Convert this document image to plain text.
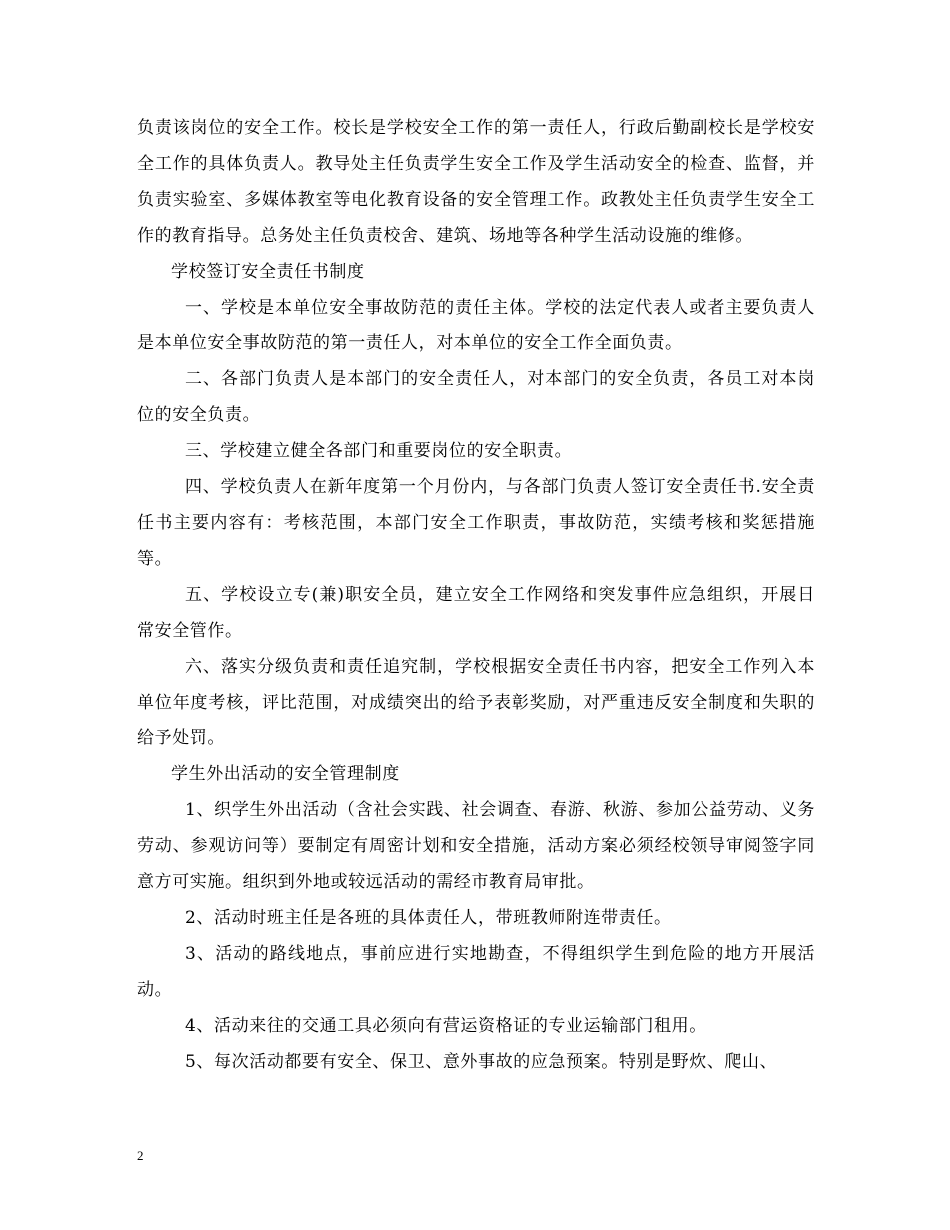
负责该岗位的安全工作。校长是学校安全工作的第一责任人，行政后勤副校长是学校安全工作的具体负责人。教导处主任负责学生安全工作及学生活动安全的检查、监督，并负责实验室、多媒体教室等电化教育设备的安全管理工作。政教处主任负责学生安全工作的教育指导。总务处主任负责校舍、建筑、场地等各种学生活动设施的维修。

学校签订安全责任书制度

一、学校是本单位安全事故防范的责任主体。学校的法定代表人或者主要负责人是本单位安全事故防范的第一责任人，对本单位的安全工作全面负责。

二、各部门负责人是本部门的安全责任人，对本部门的安全负责，各员工对本岗位的安全负责。

三、学校建立健全各部门和重要岗位的安全职责。

四、学校负责人在新年度第一个月份内，与各部门负责人签订安全责任书.安全责任书主要内容有：考核范围，本部门安全工作职责，事故防范，实绩考核和奖惩措施等。

五、学校设立专(兼)职安全员，建立安全工作网络和突发事件应急组织，开展日常安全管作。

六、落实分级负责和责任追究制，学校根据安全责任书内容，把安全工作列入本单位年度考核，评比范围，对成绩突出的给予表彰奖励，对严重违反安全制度和失职的给予处罚。

学生外出活动的安全管理制度

1、织学生外出活动（含社会实践、社会调查、春游、秋游、参加公益劳动、义务劳动、参观访问等）要制定有周密计划和安全措施，活动方案必须经校领导审阅签字同意方可实施。组织到外地或较远活动的需经市教育局审批。

2、活动时班主任是各班的具体责任人，带班教师附连带责任。

3、活动的路线地点，事前应进行实地勘查，不得组织学生到危险的地方开展活动。

4、活动来往的交通工具必须向有营运资格证的专业运输部门租用。

5、每次活动都要有安全、保卫、意外事故的应急预案。特别是野炊、爬山、

2
